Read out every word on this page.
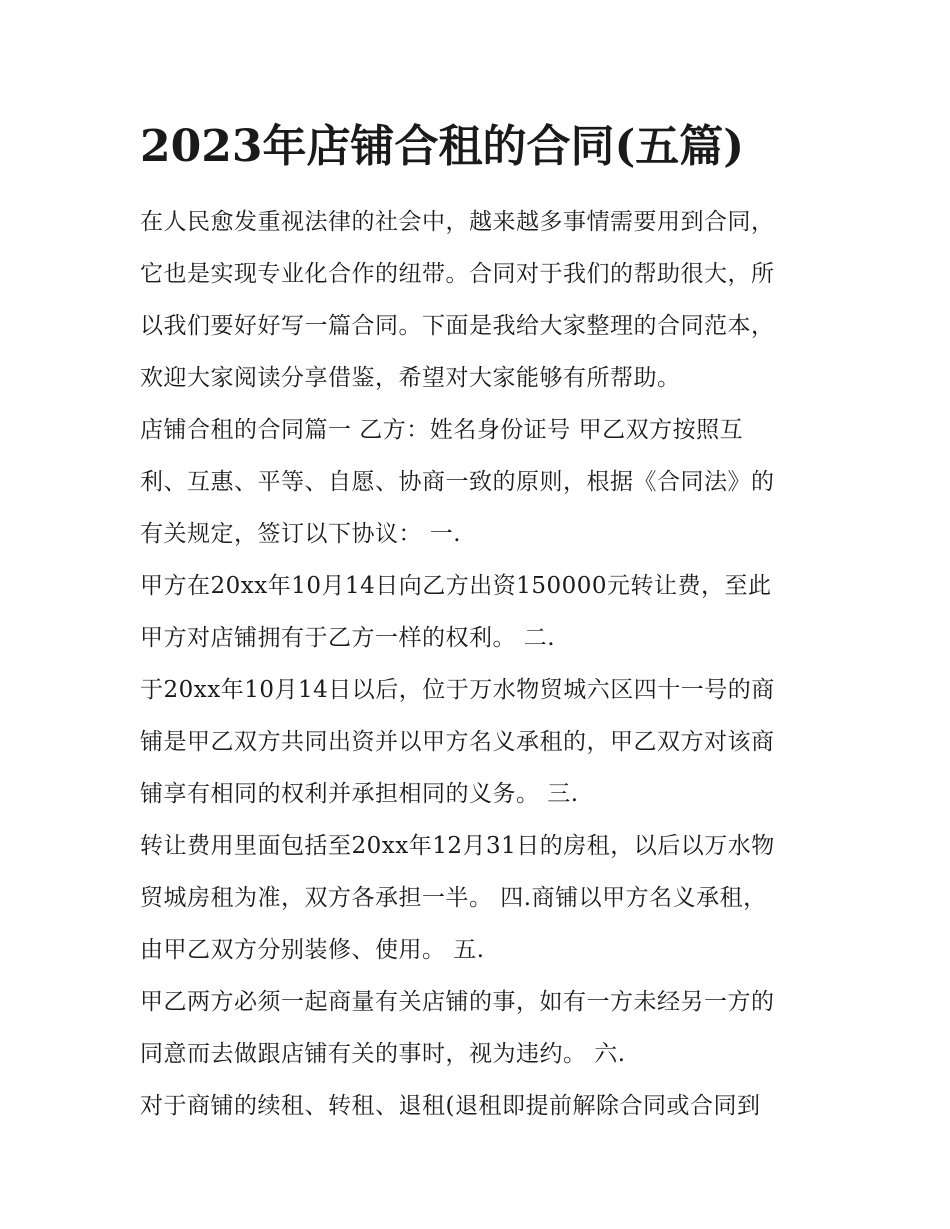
2023年店铺合租的合同(五篇)
在人民愈发重视法律的社会中，越来越多事情需要用到合同，
它也是实现专业化合作的纽带。合同对于我们的帮助很大，所
以我们要好好写一篇合同。下面是我给大家整理的合同范本，
欢迎大家阅读分享借鉴，希望对大家能够有所帮助。
店铺合租的合同篇一 乙方：姓名身份证号 甲乙双方按照互
利、互惠、平等、自愿、协商一致的原则，根据《合同法》的
有关规定，签订以下协议： 一.
甲方在20xx年10月14日向乙方出资150000元转让费，至此
甲方对店铺拥有于乙方一样的权利。 二.
于20xx年10月14日以后，位于万水物贸城六区四十一号的商
铺是甲乙双方共同出资并以甲方名义承租的，甲乙双方对该商
铺享有相同的权利并承担相同的义务。 三.
转让费用里面包括至20xx年12月31日的房租，以后以万水物
贸城房租为准，双方各承担一半。 四.商铺以甲方名义承租，
由甲乙双方分别装修、使用。 五.
甲乙两方必须一起商量有关店铺的事，如有一方未经另一方的
同意而去做跟店铺有关的事时，视为违约。 六.
对于商铺的续租、转租、退租(退租即提前解除合同或合同到
